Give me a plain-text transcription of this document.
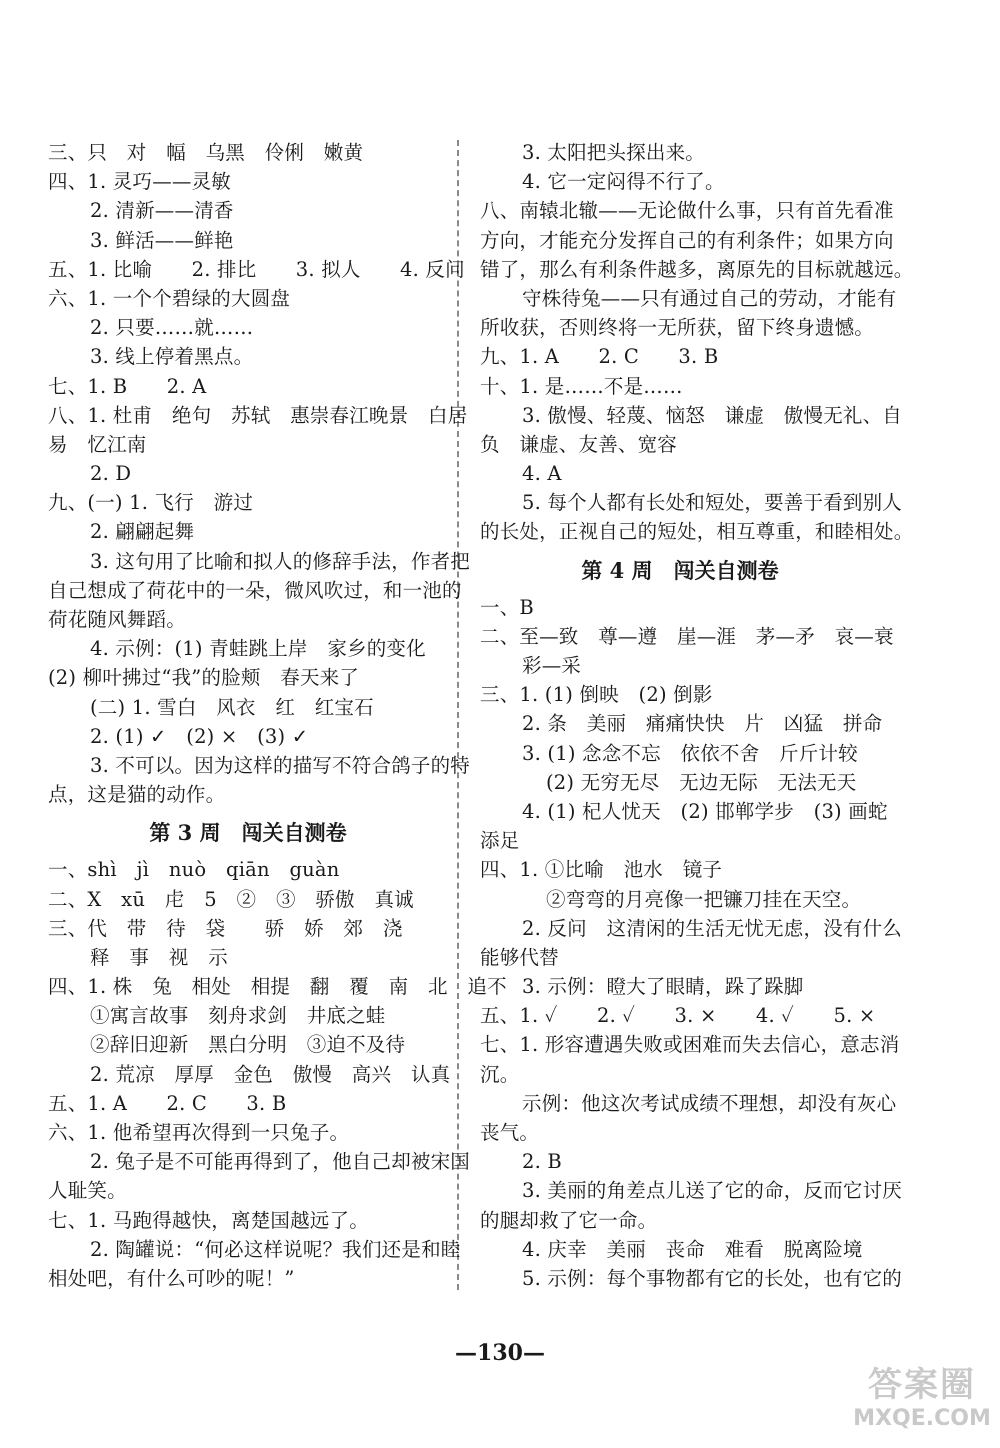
三、只　对　幅　乌黑　伶俐　嫩黄
四、1. 灵巧——灵敏
2. 清新——清香
3. 鲜活——鲜艳
五、1. 比喻　　2. 排比　　3. 拟人　　4. 反问
六、1. 一个个碧绿的大圆盘
2. 只要……就……
3. 线上停着黑点。
七、1. B　　2. A
八、1. 杜甫　绝句　苏轼　惠崇春江晚景　白居
易　忆江南
2. D
九、(一) 1. 飞行　游过
2. 翩翩起舞
3. 这句用了比喻和拟人的修辞手法，作者把
自己想成了荷花中的一朵，微风吹过，和一池的
荷花随风舞蹈。
4. 示例：(1) 青蛙跳上岸　家乡的变化
(2) 柳叶拂过“我”的脸颊　春天来了
(二) 1. 雪白　风衣　红　红宝石
2. (1) ✓　(2) ×　(3) ✓
3. 不可以。因为这样的描写不符合鸽子的特
点，这是猫的动作。
第 3 周　闯关自测卷
一、shì　jì　nuò　qiān　guàn
二、X　xū　虍　5　②　③　骄傲　真诚
三、代　带　待　袋　　骄　娇　郊　浇
释　事　视　示
四、1. 株　兔　相处　相提　翻　覆　南　北　追不
①寓言故事　刻舟求剑　井底之蛙
②辞旧迎新　黑白分明　③迫不及待
2. 荒凉　厚厚　金色　傲慢　高兴　认真
五、1. A　　2. C　　3. B
六、1. 他希望再次得到一只兔子。
2. 兔子是不可能再得到了，他自己却被宋国
人耻笑。
七、1. 马跑得越快，离楚国越远了。
2. 陶罐说：“何必这样说呢？我们还是和睦
相处吧，有什么可吵的呢！”
3. 太阳把头探出来。
4. 它一定闷得不行了。
八、南辕北辙——无论做什么事，只有首先看准
方向，才能充分发挥自己的有利条件；如果方向
错了，那么有利条件越多，离原先的目标就越远。
守株待兔——只有通过自己的劳动，才能有
所收获，否则终将一无所获，留下终身遗憾。
九、1. A　　2. C　　3. B
十、1. 是……不是……
3. 傲慢、轻蔑、恼怒　谦虚　傲慢无礼、自
负　谦虚、友善、宽容
4. A
5. 每个人都有长处和短处，要善于看到别人
的长处，正视自己的短处，相互尊重，和睦相处。
第 4 周　闯关自测卷
一、B
二、至—致　尊—遵　崖—涯　茅—矛　哀—衰
彩—采
三、1. (1) 倒映　(2) 倒影
2. 条　美丽　痛痛快快　片　凶猛　拼命
3. (1) 念念不忘　依依不舍　斤斤计较
(2) 无穷无尽　无边无际　无法无天
4. (1) 杞人忧天　(2) 邯郸学步　(3) 画蛇
添足
四、1. ①比喻　池水　镜子
②弯弯的月亮像一把镰刀挂在天空。
2. 反问　这清闲的生活无忧无虑，没有什么
能够代替
3. 示例：瞪大了眼睛，跺了跺脚
五、1. ✓　　2. ✓　　3. ×　　4. ✓　　5. ×
七、1. 形容遭遇失败或困难而失去信心，意志消
沉。
示例：他这次考试成绩不理想，却没有灰心
丧气。
2. B
3. 美丽的角差点儿送了它的命，反而它讨厌
的腿却救了它一命。
4. 庆幸　美丽　丧命　难看　脱离险境
5. 示例：每个事物都有它的长处，也有它的
—130—
答案圈
MXQE.COM
